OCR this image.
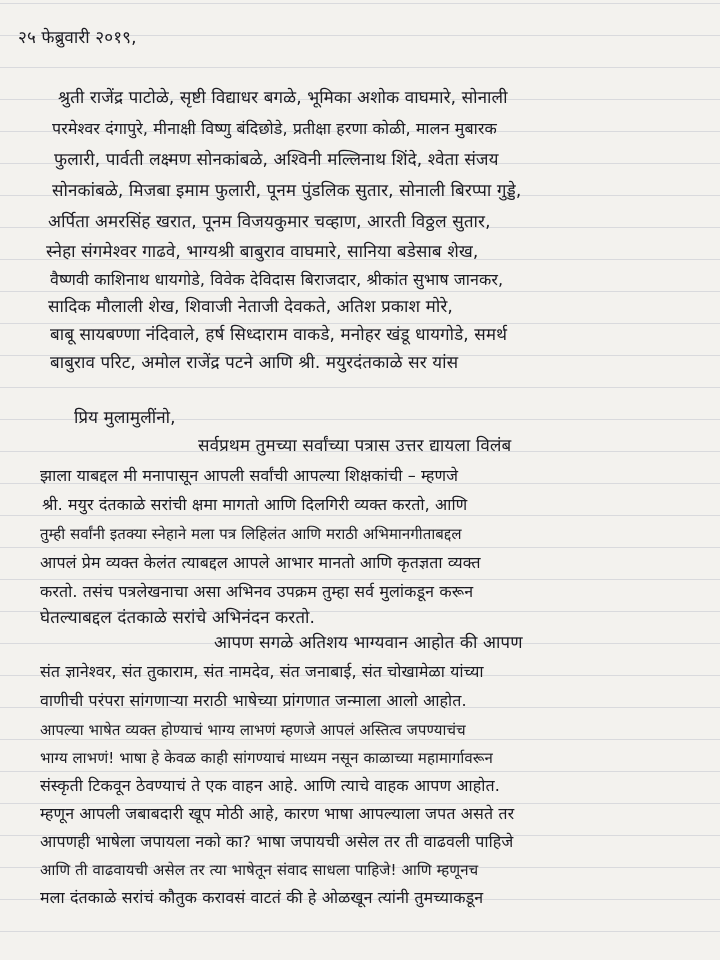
२५ फेब्रुवारी २०१९,
श्रुती राजेंद्र पाटोळे, सृष्टी विद्याधर बगळे, भूमिका अशोक वाघमारे, सोनाली
परमेश्वर दंगापुरे, मीनाक्षी विष्णु बंदिछोडे, प्रतीक्षा हरणा कोळी, मालन मुबारक
फुलारी, पार्वती लक्ष्मण सोनकांबळे, अश्विनी मल्लिनाथ शिंदे, श्वेता संजय
सोनकांबळे, मिजबा इमाम फुलारी, पूनम पुंडलिक सुतार, सोनाली बिरप्पा गुड्डे,
अर्पिता अमरसिंह खरात, पूनम विजयकुमार चव्हाण, आरती विठ्ठल सुतार,
स्नेहा संगमेश्वर गाढवे, भाग्यश्री बाबुराव वाघमारे, सानिया बडेसाब शेख,
वैष्णवी काशिनाथ धायगोडे, विवेक देविदास बिराजदार, श्रीकांत सुभाष जानकर,
सादिक मौलाली शेख, शिवाजी नेताजी देवकते, अतिश प्रकाश मोरे,
बाबू सायबण्णा नंदिवाले, हर्ष सिध्दाराम वाकडे, मनोहर खंडू धायगोडे, समर्थ
बाबुराव परिट, अमोल राजेंद्र पटने आणि श्री. मयुरदंतकाळे सर यांस
प्रिय मुलामुलींनो,
सर्वप्रथम तुमच्या सर्वांच्या पत्रास उत्तर द्यायला विलंब
झाला याबद्दल मी मनापासून आपली सर्वांची आपल्या शिक्षकांची – म्हणजे
श्री. मयुर दंतकाळे सरांची क्षमा मागतो आणि दिलगिरी व्यक्त करतो, आणि
तुम्ही सर्वांनी इतक्या स्नेहाने मला पत्र लिहिलंत आणि मराठी अभिमानगीताबद्दल
आपलं प्रेम व्यक्त केलंत त्याबद्दल आपले आभार मानतो आणि कृतज्ञता व्यक्त
करतो. तसंच पत्रलेखनाचा असा अभिनव उपक्रम तुम्हा सर्व मुलांकडून करून
घेतल्याबद्दल दंतकाळे सरांचे अभिनंदन करतो.
आपण सगळे अतिशय भाग्यवान आहोत की आपण
संत ज्ञानेश्वर, संत तुकाराम, संत नामदेव, संत जनाबाई, संत चोखामेळा यांच्या
वाणीची परंपरा सांगणाऱ्या मराठी भाषेच्या प्रांगणात जन्माला आलो आहोत.
आपल्या भाषेत व्यक्त होण्याचं भाग्य लाभणं म्हणजे आपलं अस्तित्व जपण्याचंच
भाग्य लाभणं! भाषा हे केवळ काही सांगण्याचं माध्यम नसून काळाच्या महामार्गावरून
संस्कृती टिकवून ठेवण्याचं ते एक वाहन आहे. आणि त्याचे वाहक आपण आहोत.
म्हणून आपली जबाबदारी खूप मोठी आहे, कारण भाषा आपल्याला जपत असते तर
आपणही भाषेला जपायला नको का? भाषा जपायची असेल तर ती वाढवली पाहिजे
आणि ती वाढवायची असेल तर त्या भाषेतून संवाद साधला पाहिजे! आणि म्हणूनच
मला दंतकाळे सरांचं कौतुक करावसं वाटतं की हे ओळखून त्यांनी तुमच्याकडून
